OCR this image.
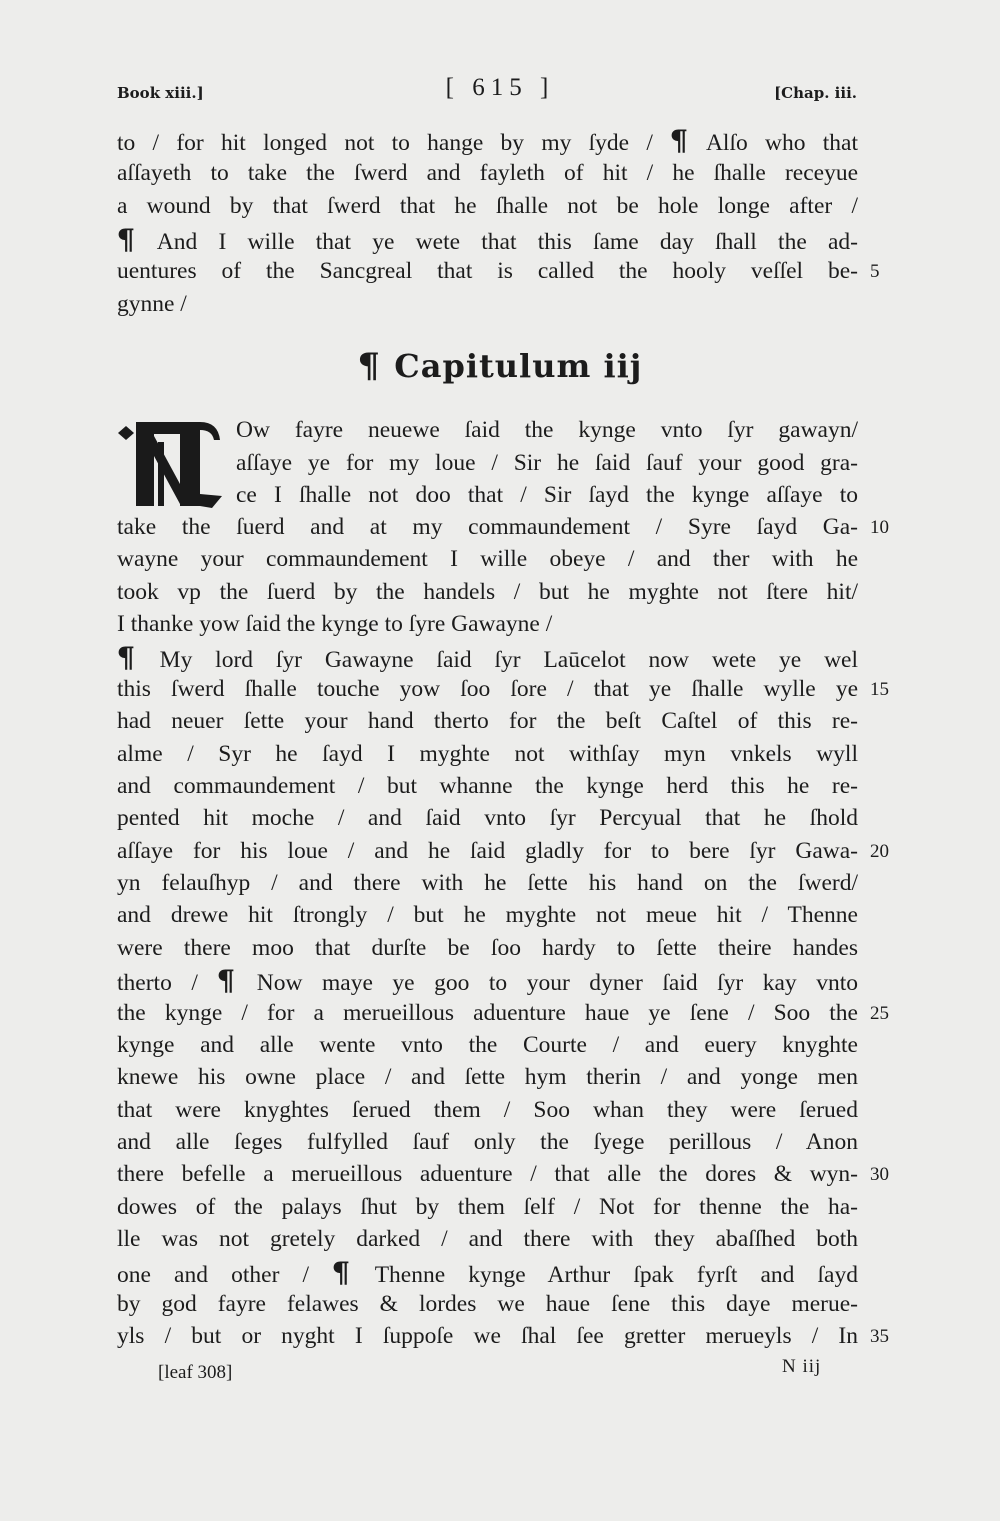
Book xiii.]	[ 615 ]	[Chap. iii.
to / for hit longed not to hange by my ſyde / ¶ Alſo who that
aſſayeth to take the ſwerd and fayleth of hit / he ſhalle receyue
a wound by that ſwerd that he ſhalle not be hole longe after /
¶ And I wille that ye wete that this ſame day ſhall the ad-
uentures of the Sancgreal that is called the hooly veſſel be- 5
gynne /
¶ Capitulum iij
Ow fayre neuewe ſaid the kynge vnto ſyr gawayn/
aſſaye ye for my loue / Sir he ſaid ſauf your good gra-
ce I ſhalle not doo that / Sir ſayd the kynge aſſaye to
take the ſuerd and at my commaundement / Syre ſayd Ga- 10
wayne your commaundement I wille obeye / and ther with he
took vp the ſuerd by the handels / but he myghte not ſtere hit/
I thanke yow ſaid the kynge to ſyre Gawayne /
¶ My lord ſyr Gawayne ſaid ſyr Laūcelot now wete ye wel
this ſwerd ſhalle touche yow ſoo ſore / that ye ſhalle wylle ye 15
had neuer ſette your hand therto for the beſt Caſtel of this re-
alme / Syr he ſayd I myghte not withſay myn vnkels wyll
and commaundement / but whanne the kynge herd this he re-
pented hit moche / and ſaid vnto ſyr Percyual that he ſhold
aſſaye for his loue / and he ſaid gladly for to bere ſyr Gawa- 20
yn felauſhyp / and there with he ſette his hand on the ſwerd/
and drewe hit ſtrongly / but he myghte not meue hit / Thenne
were there moo that durſte be ſoo hardy to ſette theire handes
therto / ¶ Now maye ye goo to your dyner ſaid ſyr kay vnto
the kynge / for a merueillous aduenture haue ye ſene / Soo the 25
kynge and alle wente vnto the Courte / and euery knyghte
knewe his owne place / and ſette hym therin / and yonge men
that were knyghtes ſerued them / Soo whan they were ſerued
and alle ſeges fulfylled ſauf only the ſyege perillous / Anon
there befelle a merueillous aduenture / that alle the dores & wyn- 30
dowes of the palays ſhut by them ſelf / Not for thenne the ha-
lle was not gretely darked / and there with they abaſſhed both
one and other / ¶ Thenne kynge Arthur ſpak fyrſt and ſayd
by god fayre felawes & lordes we haue ſene this daye merue-
yls / but or nyght I ſuppoſe we ſhal ſee gretter merueyls / In 35
[leaf 308]	N iij
